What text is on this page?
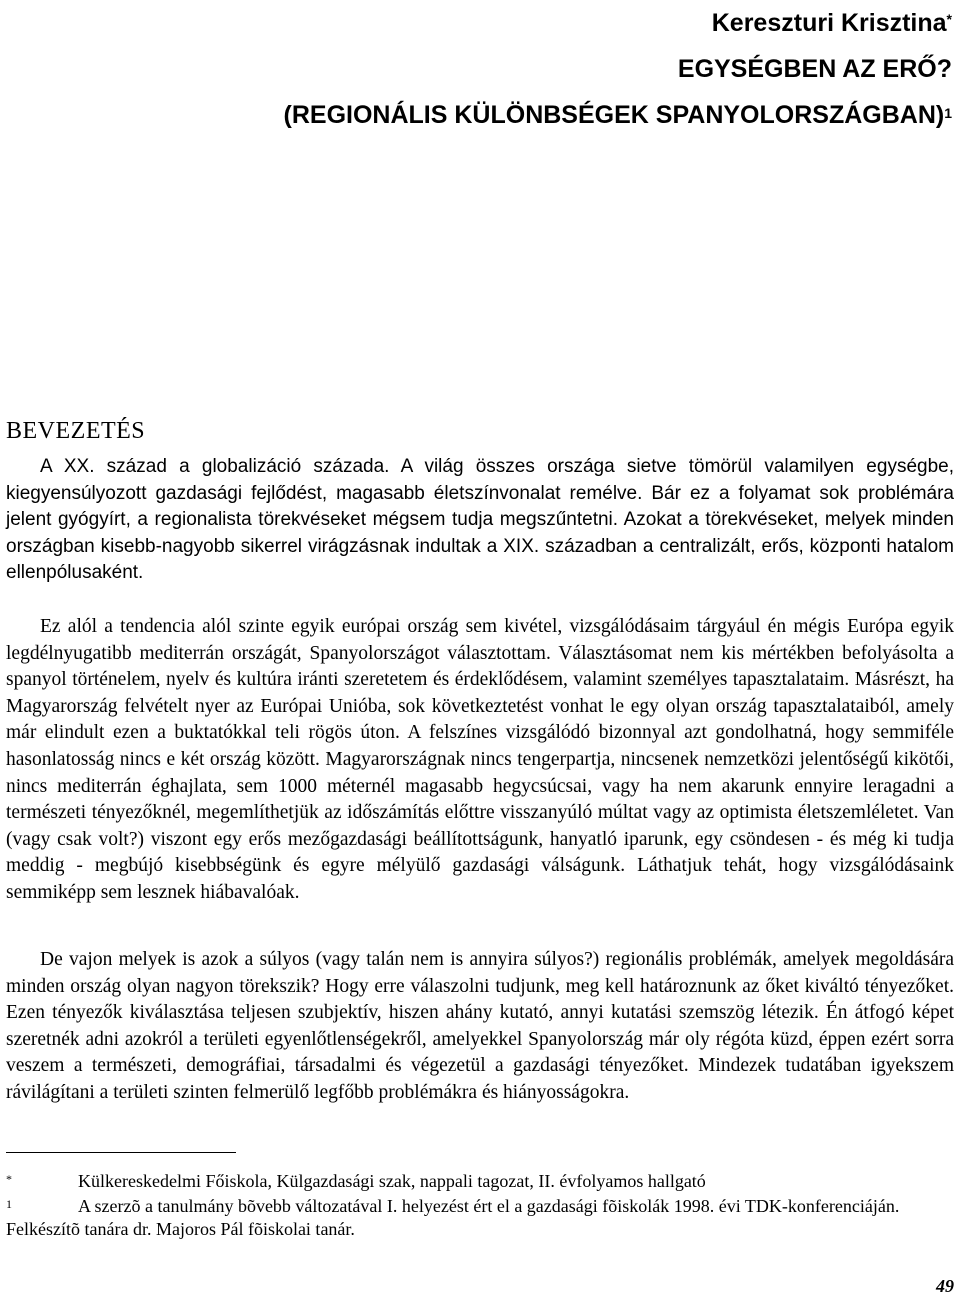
Kereszturi Krisztina*
EGYSÉGBEN AZ ERŐ?
(REGIONÁLIS KÜLÖNBSÉGEK SPANYOLORSZÁGBAN)$^1$
BEVEZETÉS

A XX. század a globalizáció százada. A világ összes országa sietve tömörül valamilyen egységbe, kiegyensúlyozott gazdasági fejlődést, magasabb életszínvonalat remélve. Bár ez a folyamat sok problémára jelent gyógyírt, a regionalista törekvéseket mégsem tudja megszűntetni. Azokat a törekvéseket, melyek minden országban kisebb-nagyobb sikerrel virágzásnak indultak a XIX. században a centralizált, erős, központi hatalom ellenpólusaként.

Ez alól a tendencia alól szinte egyik európai ország sem kivétel, vizsgálódásaim tárgyául én mégis Európa egyik legdélnyugatibb mediterrán országát, Spanyolországot választottam. Választásomat nem kis mértékben befolyásolta a spanyol történelem, nyelv és kultúra iránti szeretetem és érdeklődésem, valamint személyes tapasztalataim. Másrészt, ha Magyarország felvételt nyer az Európai Unióba, sok következtetést vonhat le egy olyan ország tapasztalataiból, amely már elindult ezen a buktatókkal teli rögös úton. A felszínes vizsgálódó bizonnyal azt gondolhatná, hogy semmiféle hasonlatosság nincs e két ország között. Magyarországnak nincs tengerpartja, nincsenek nemzetközi jelentőségű kikötői, nincs mediterrán éghajlata, sem 1000 méternél magasabb hegycsúcsai, vagy ha nem akarunk ennyire leragadni a természeti tényezőknél, megemlíthetjük az időszámítás előttre visszanyúló múltat vagy az optimista életszemléletet. Van (vagy csak volt?) viszont egy erős mezőgazdasági beállítottságunk, hanyatló iparunk, egy csöndesen - és még ki tudja meddig - megbújó kisebbségünk és egyre mélyülő gazdasági válságunk. Láthatjuk tehát, hogy vizsgálódásaink semmiképp sem lesznek hiábavalóak.

De vajon melyek is azok a súlyos (vagy talán nem is annyira súlyos?) regionális problémák, amelyek megoldására minden ország olyan nagyon törekszik? Hogy erre válaszolni tudjunk, meg kell határoznunk az őket kiváltó tényezőket. Ezen tényezők kiválasztása teljesen szubjektív, hiszen ahány kutató, annyi kutatási szemszög létezik. Én átfogó képet szeretnék adni azokról a területi egyenlőtlenségekről, amelyekkel Spanyolország már oly régóta küzd, éppen ezért sorra veszem a természeti, demográfiai, társadalmi és végezetül a gazdasági tényezőket. Mindezek tudatában igyekszem rávilágítani a területi szinten felmerülő legfőbb problémákra és hiányosságokra.

*	Külkereskedelmi Főiskola, Külgazdasági szak, nappali tagozat, II. évfolyamos hallgató
1	A szerzõ a tanulmány bõvebb változatával I. helyezést ért el a gazdasági fõiskolák 1998. évi TDK-konferenciáján. Felkészítõ tanára dr. Majoros Pál fõiskolai tanár.
49
